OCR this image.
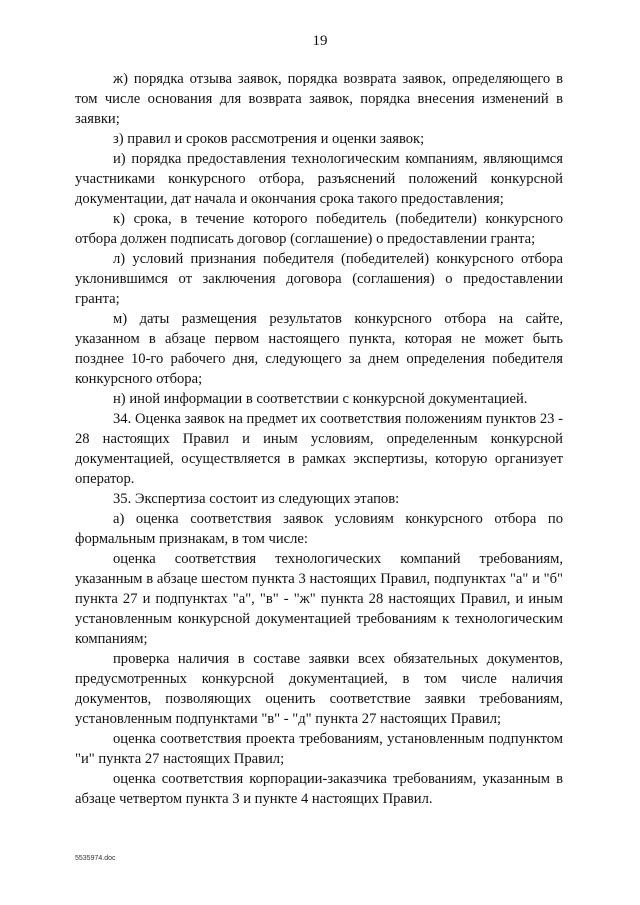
19

ж) порядка отзыва заявок, порядка возврата заявок, определяющего в том числе основания для возврата заявок, порядка внесения изменений в заявки;

з) правил и сроков рассмотрения и оценки заявок;

и) порядка предоставления технологическим компаниям, являющимся участниками конкурсного отбора, разъяснений положений конкурсной документации, дат начала и окончания срока такого предоставления;

к) срока, в течение которого победитель (победители) конкурсного отбора должен подписать договор (соглашение) о предоставлении гранта;

л) условий признания победителя (победителей) конкурсного отбора уклонившимся от заключения договора (соглашения) о предоставлении гранта;

м) даты размещения результатов конкурсного отбора на сайте, указанном в абзаце первом настоящего пункта, которая не может быть позднее 10-го рабочего дня, следующего за днем определения победителя конкурсного отбора;

н) иной информации в соответствии с конкурсной документацией.

34. Оценка заявок на предмет их соответствия положениям пунктов 23 - 28 настоящих Правил и иным условиям, определенным конкурсной документацией, осуществляется в рамках экспертизы, которую организует оператор.

35. Экспертиза состоит из следующих этапов:

а) оценка соответствия заявок условиям конкурсного отбора по формальным признакам, в том числе:

оценка соответствия технологических компаний требованиям, указанным в абзаце шестом пункта 3 настоящих Правил, подпунктах "а" и "б" пункта 27 и подпунктах "а", "в" - "ж" пункта 28 настоящих Правил, и иным установленным конкурсной документацией требованиям к технологическим компаниям;

проверка наличия в составе заявки всех обязательных документов, предусмотренных конкурсной документацией, в том числе наличия документов, позволяющих оценить соответствие заявки требованиям, установленным подпунктами "в" - "д" пункта 27 настоящих Правил;

оценка соответствия проекта требованиям, установленным подпунктом "и" пункта 27 настоящих Правил;

оценка соответствия корпорации-заказчика требованиям, указанным в абзаце четвертом пункта 3 и пункте 4 настоящих Правил.

5535974.doc
